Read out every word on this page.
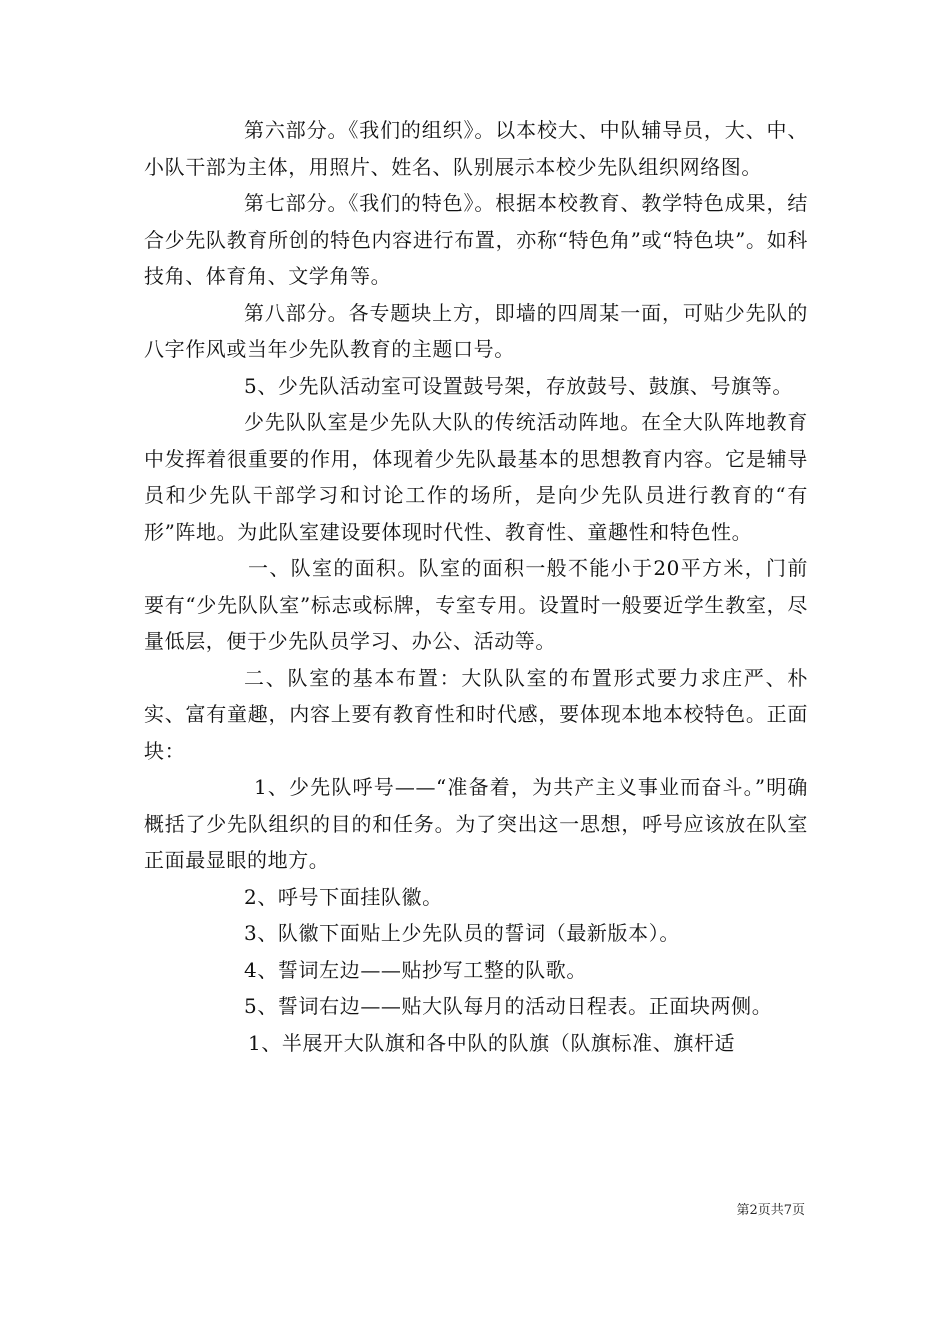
第六部分。《我们的组织》。以本校大、中队辅导员，大、中、小队干部为主体，用照片、姓名、队别展示本校少先队组织网络图。

第七部分。《我们的特色》。根据本校教育、教学特色成果，结合少先队教育所创的特色内容进行布置，亦称“特色角”或“特色块”。如科技角、体育角、文学角等。

第八部分。各专题块上方，即墙的四周某一面，可贴少先队的八字作风或当年少先队教育的主题口号。

5、少先队活动室可设置鼓号架，存放鼓号、鼓旗、号旗等。

少先队队室是少先队大队的传统活动阵地。在全大队阵地教育中发挥着很重要的作用，体现着少先队最基本的思想教育内容。它是辅导员和少先队干部学习和讨论工作的场所，是向少先队员进行教育的“有形”阵地。为此队室建设要体现时代性、教育性、童趣性和特色性。

一、队室的面积。队室的面积一般不能小于20平方米，门前要有“少先队队室”标志或标牌，专室专用。设置时一般要近学生教室，尽量低层，便于少先队员学习、办公、活动等。

二、队室的基本布置：大队队室的布置形式要力求庄严、朴实、富有童趣，内容上要有教育性和时代感，要体现本地本校特色。正面块：

1、少先队呼号——“准备着，为共产主义事业而奋斗。”明确概括了少先队组织的目的和任务。为了突出这一思想，呼号应该放在队室正面最显眼的地方。

2、呼号下面挂队徽。

3、队徽下面贴上少先队员的誓词（最新版本）。

4、誓词左边——贴抄写工整的队歌。

5、誓词右边——贴大队每月的活动日程表。正面块两侧。

1、半展开大队旗和各中队的队旗（队旗标准、旗杆适

第2页共7页
